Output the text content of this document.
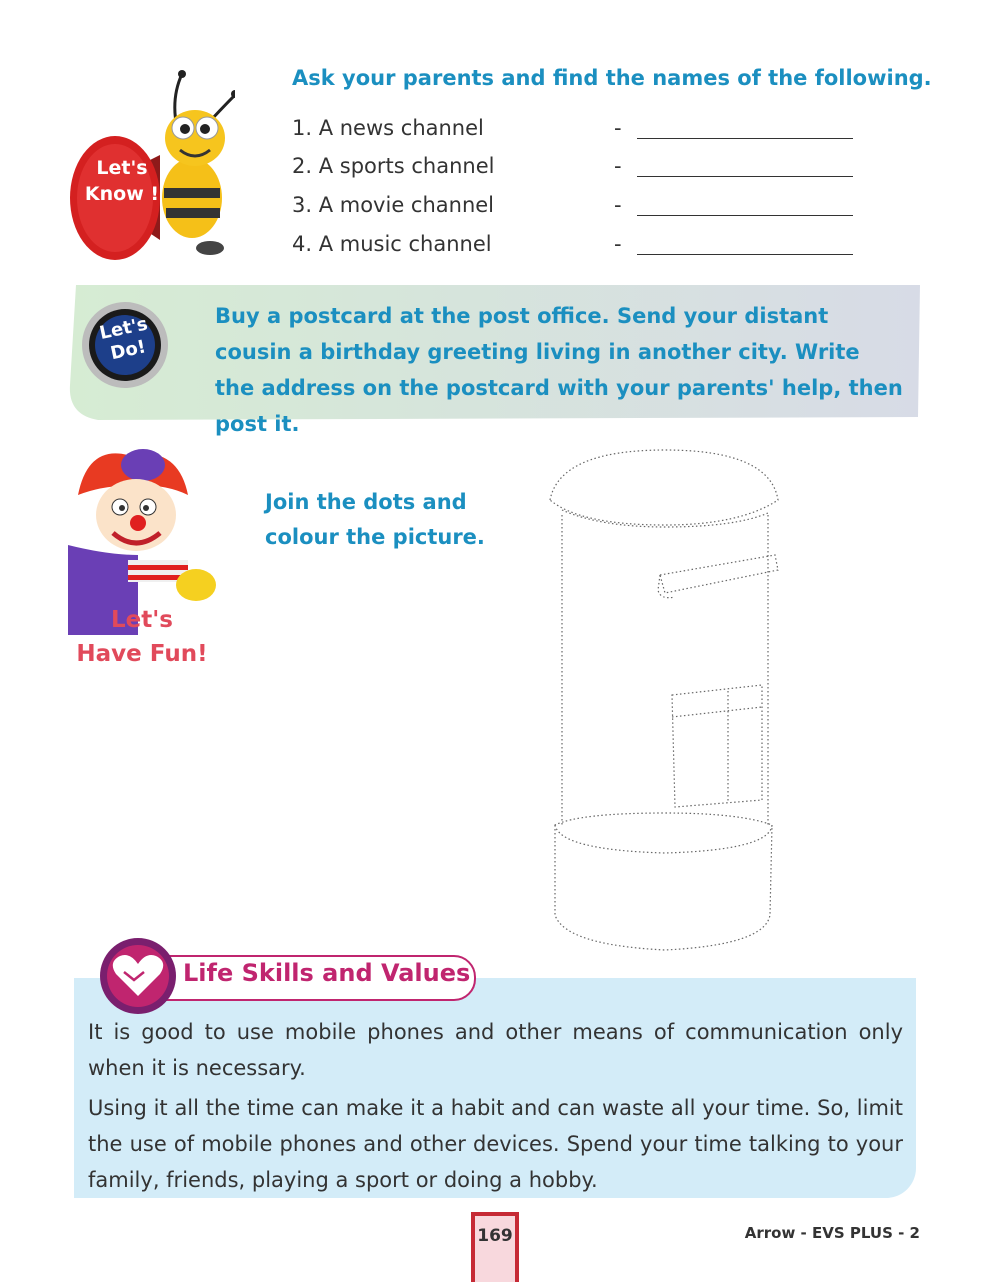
Let's
Know !
Ask your parents and find the names of the following.
1. A news channel	-
2. A sports channel	-
3. A movie channel	-
4. A music channel	-
Let's
Do!
Buy a postcard at the post office. Send your distant cousin a birthday greeting living in another city. Write the address on the postcard with your parents' help, then post it.
Let's
Have Fun!
Join the dots and
colour the picture.
Life Skills and Values
It is good to use mobile phones and other means of communication only when it is necessary.
Using it all the time can make it a habit and can waste all your time. So, limit the use of mobile phones and other devices. Spend your time talking to your family, friends, playing a sport or doing a hobby.
169	Arrow - EVS PLUS - 2
